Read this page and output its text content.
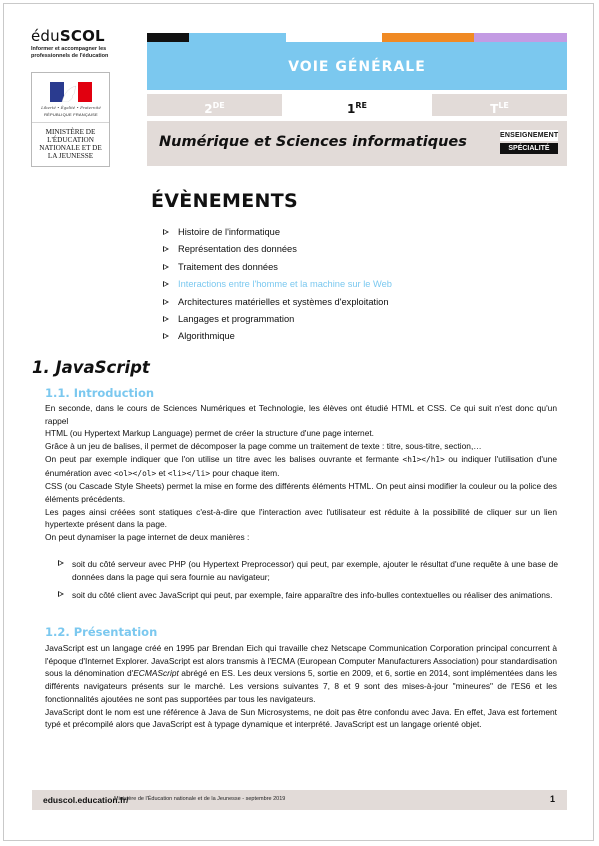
éduSCOL
Informer et accompagner les professionnels de l'éducation
Liberté • Égalité • Fraternité
RÉPUBLIQUE FRANÇAISE
MINISTÈRE DE L'ÉDUCATION NATIONALE ET DE LA JEUNESSE
VOIE GÉNÉRALE
2DE	1RE	$T^{LE}$
Numérique et Sciences informatiques	ENSEIGNEMENT
SPÉCIALITÉ
ÉVÈNEMENTS
Histoire de l'informatique
Représentation des données
Traitement des données
Interactions entre l'homme et la machine sur le Web
Architectures matérielles et systèmes d'exploitation
Langages et programmation
Algorithmique
1. JavaScript
1.1. Introduction

En seconde, dans le cours de Sciences Numériques et Technologie, les élèves ont étudié HTML et CSS. Ce qui suit n'est donc qu'un rappel

HTML (ou Hypertext Markup Language) permet de créer la structure d'une page internet.

Grâce à un jeu de balises, il permet de décomposer la page comme un traitement de texte : titre, sous-titre, section,…

On peut par exemple indiquer que l'on utilise un titre avec les balises ouvrante et fermante <h1></h1> ou indiquer l'utilisation d'une énumération avec <ol></ol> et <li></li> pour chaque item.

CSS (ou Cascade Style Sheets) permet la mise en forme des différents éléments HTML. On peut ainsi modifier la couleur ou la police des éléments précédents.

Les pages ainsi créées sont statiques c'est-à-dire que l'interaction avec l'utilisateur est réduite à la possibilité de cliquer sur un lien hypertexte présent dans la page.

On peut dynamiser la page internet de deux manières :

soit du côté serveur avec PHP (ou Hypertext Preprocessor) qui peut, par exemple, ajouter le résultat d'une requête à une base de données dans la page qui sera fournie au navigateur;
soit du côté client avec JavaScript qui peut, par exemple, faire apparaître des info-bulles contextuelles ou réaliser des animations.
1.2. Présentation

JavaScript est un langage créé en 1995 par Brendan Eich qui travaille chez Netscape Communication Corporation principal concurrent à l'époque d'Internet Explorer. JavaScript est alors transmis à l'ECMA (European Computer Manufacturers Association) pour standardisation sous la dénomination d'ECMAScript abrégé en ES. Les deux versions 5, sortie en 2009, et 6, sortie en 2014, sont implémentées dans les différents navigateurs présents sur le marché. Les versions suivantes 7, 8 et 9 sont des mises-à-jour "mineures" de l'ES6 et les fonctionnalités ajoutées ne sont pas supportées par tous les navigateurs.

JavaScript dont le nom est une référence à Java de Sun Microsystems, ne doit pas être confondu avec Java. En effet, Java est fortement typé et précompilé alors que JavaScript est à typage dynamique et interprété. JavaScript est un langage orienté objet.

eduscol.education.fr/
Ministère de l'Éducation nationale et de la Jeunesse - septembre 2019	1
